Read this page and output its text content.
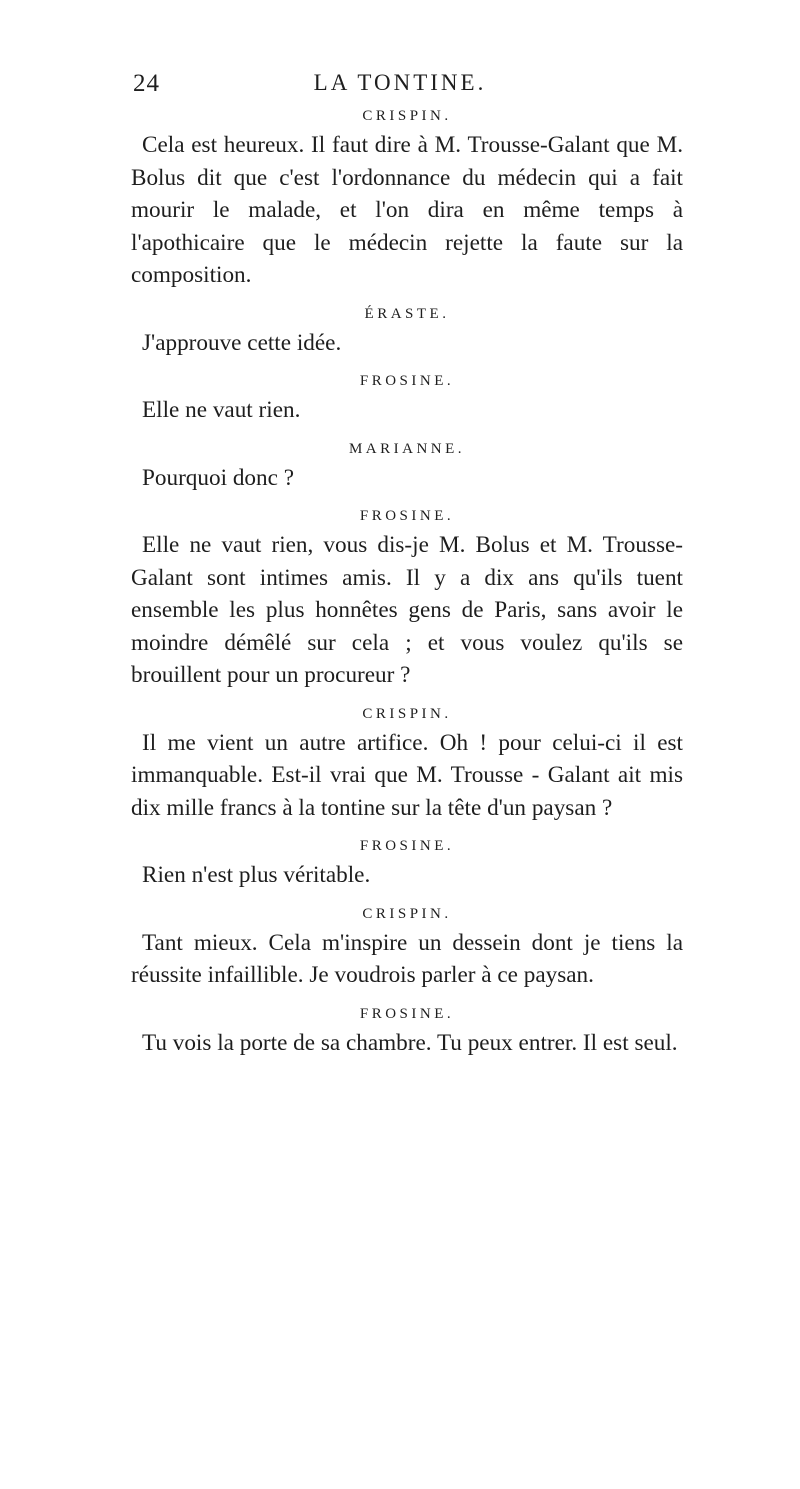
24	LA TONTINE.

CRISPIN.

Cela est heureux. Il faut dire à M. Trousse-Galant que M. Bolus dit que c'est l'ordonnance du médecin qui a fait mourir le malade, et l'on dira en même temps à l'apothicaire que le médecin rejette la faute sur la composition.

ÉRASTE.

J'approuve cette idée.

FROSINE.

Elle ne vaut rien.

MARIANNE.

Pourquoi donc ?

FROSINE.

Elle ne vaut rien, vous dis-je M. Bolus et M. Trousse-Galant sont intimes amis. Il y a dix ans qu'ils tuent ensemble les plus honnêtes gens de Paris, sans avoir le moindre démêlé sur cela ; et vous voulez qu'ils se brouillent pour un procureur ?

CRISPIN.

Il me vient un autre artifice. Oh ! pour celui-ci il est immanquable. Est-il vrai que M. Trousse - Galant ait mis dix mille francs à la tontine sur la tête d'un paysan ?

FROSINE.

Rien n'est plus véritable.

CRISPIN.

Tant mieux. Cela m'inspire un dessein dont je tiens la réussite infaillible. Je voudrois parler à ce paysan.

FROSINE.

Tu vois la porte de sa chambre. Tu peux entrer. Il est seul.
